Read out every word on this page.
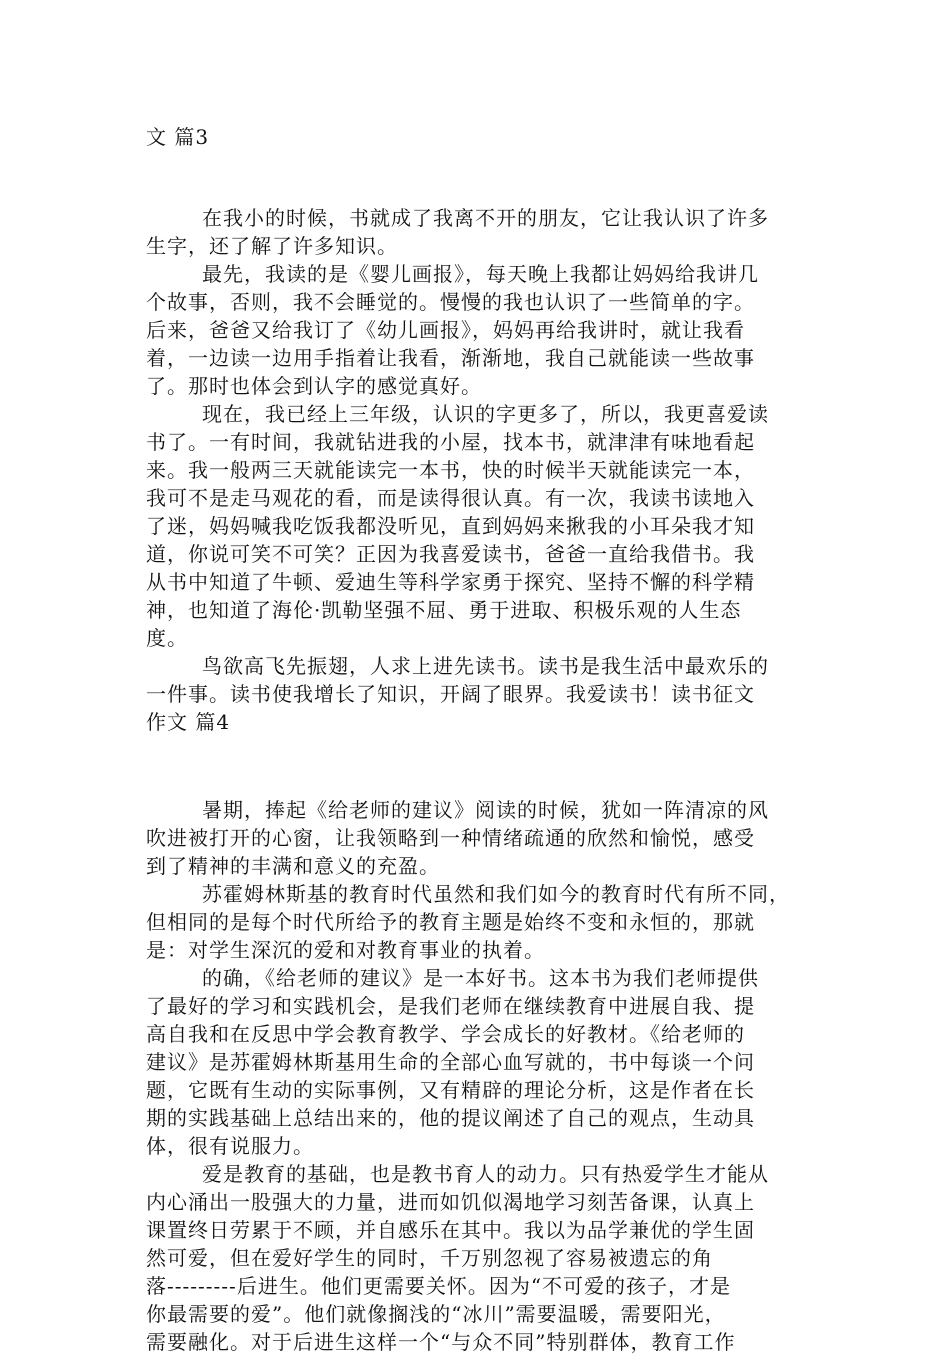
文 篇3
在我小的时候，书就成了我离不开的朋友，它让我认识了许多
生字，还了解了许多知识。
最先，我读的是《婴儿画报》，每天晚上我都让妈妈给我讲几
个故事，否则，我不会睡觉的。慢慢的我也认识了一些简单的字。
后来，爸爸又给我订了《幼儿画报》，妈妈再给我讲时，就让我看
着，一边读一边用手指着让我看，渐渐地，我自己就能读一些故事
了。那时也体会到认字的感觉真好。
现在，我已经上三年级，认识的字更多了，所以，我更喜爱读
书了。一有时间，我就钻进我的小屋，找本书，就津津有味地看起
来。我一般两三天就能读完一本书，快的时候半天就能读完一本，
我可不是走马观花的看，而是读得很认真。有一次，我读书读地入
了迷，妈妈喊我吃饭我都没听见，直到妈妈来揪我的小耳朵我才知
道，你说可笑不可笑？正因为我喜爱读书，爸爸一直给我借书。我
从书中知道了牛顿、爱迪生等科学家勇于探究、坚持不懈的科学精
神，也知道了海伦·凯勒坚强不屈、勇于进取、积极乐观的人生态
度。
鸟欲高飞先振翅，人求上进先读书。读书是我生活中最欢乐的
一件事。读书使我增长了知识，开阔了眼界。我爱读书！读书征文
作文 篇4
暑期，捧起《给老师的建议》阅读的时候，犹如一阵清凉的风
吹进被打开的心窗，让我领略到一种情绪疏通的欣然和愉悦，感受
到了精神的丰满和意义的充盈。
苏霍姆林斯基的教育时代虽然和我们如今的教育时代有所不同，
但相同的是每个时代所给予的教育主题是始终不变和永恒的，那就
是：对学生深沉的爱和对教育事业的执着。
的确，《给老师的建议》是一本好书。这本书为我们老师提供
了最好的学习和实践机会，是我们老师在继续教育中进展自我、提
高自我和在反思中学会教育教学、学会成长的好教材。《给老师的
建议》是苏霍姆林斯基用生命的全部心血写就的，书中每谈一个问
题，它既有生动的实际事例，又有精辟的理论分析，这是作者在长
期的实践基础上总结出来的，他的提议阐述了自己的观点，生动具
体，很有说服力。
爱是教育的基础，也是教书育人的动力。只有热爱学生才能从
内心涌出一股强大的力量，进而如饥似渴地学习刻苦备课，认真上
课置终日劳累于不顾，并自感乐在其中。我以为品学兼优的学生固
然可爱，但在爱好学生的同时，千万别忽视了容易被遗忘的角
落---------后进生。他们更需要关怀。因为“不可爱的孩子，才是
你最需要的爱”。他们就像搁浅的“冰川”需要温暖，需要阳光，
需要融化。对于后进生这样一个“与众不同”特别群体，教育工作
